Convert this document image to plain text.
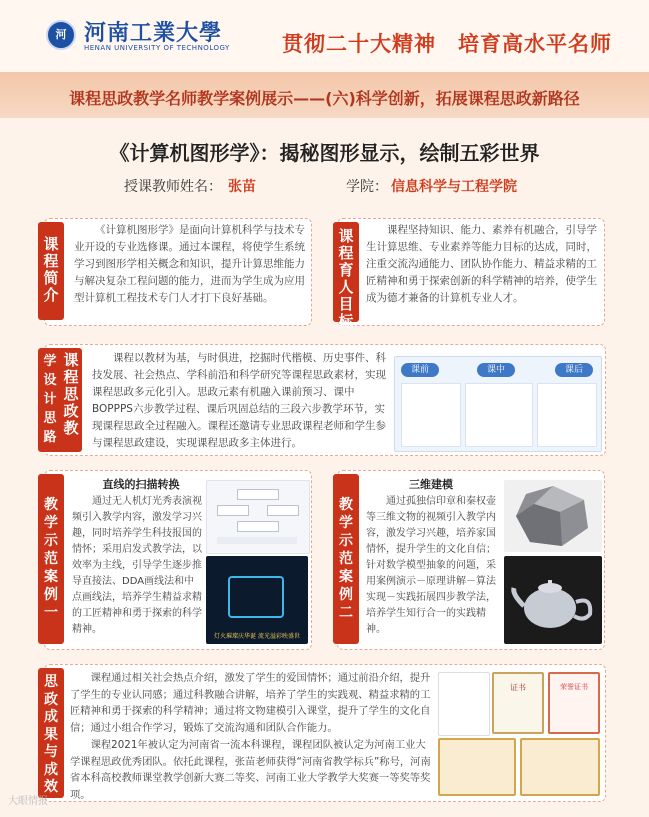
河 河南工業大學
HENAN UNIVERSITY OF TECHNOLOGY 贯彻二十大精神　培育高水平名师
课程思政教学名师教学案例展示——(六)科学创新，拓展课程思政新路径
《计算机图形学》：揭秘图形显示，绘制五彩世界
授课教师姓名： 张苗	学院： 信息科学与工程学院
课程
简介
《计算机图形学》是面向计算机科学与技术专业开设的专业选修课。通过本课程，将使学生系统学习到图形学相关概念和知识，提升计算思维能力与解决复杂工程问题的能力，进而为学生成为应用型计算机工程技术专门人才打下良好基础。
课程
育人
目标
课程坚持知识、能力、素养有机融合，引导学生计算思维、专业素养等能力目标的达成，同时，注重交流沟通能力、团队协作能力、精益求精的工匠精神和勇于探索创新的科学精神的培养，使学生成为德才兼备的计算机专业人才。
课程
思政
教
学
设
计
思
路
课程以教材为基，与时俱进，挖掘时代楷模、历史事件、科技发展、社会热点、学科前沿和科学研究等课程思政素材，实现课程思政多元化引入。思政元素有机融入课前预习、课中BOPPPS六步教学过程、课后巩固总结的三段六步教学环节，实现课程思政全过程融入。课程还邀请专业思政课程老师和学生参与课程思政建设，实现课程思政多主体进行。
课前	课中	课后
教
学
示
范
案
例
一
直线的扫描转换
通过无人机灯光秀表演视频引入教学内容，激发学习兴趣，同时培养学生科技报国的情怀；采用启发式教学法，以效率为主线，引导学生逐步推导直接法、DDA画线法和中点画线法，培养学生精益求精的工匠精神和勇于探索的科学精神。
灯火璀璨庆华诞 流光溢彩映盛世
教
学
示
范
案
例
二
三维建模
通过孤独信印章和秦权壶等三维文物的视频引入教学内容，激发学习兴趣，培养家国情怀，提升学生的文化自信；针对数学模型抽象的问题，采用案例演示－原理讲解－算法实现－实践拓展四步教学法，培养学生知行合一的实践精神。
思
政
成
果
与
成
效
课程通过相关社会热点介绍，激发了学生的爱国情怀；通过前沿介绍，提升了学生的专业认同感；通过科教融合讲解，培养了学生的实践观、精益求精的工匠精神和勇于探索的科学精神；通过将文物建模引入课堂，提升了学生的文化自信；通过小组合作学习，锻炼了交流沟通和团队合作能力。
课程2021年被认定为河南省一流本科课程，课程团队被认定为河南工业大学课程思政优秀团队。依托此课程，张苗老师获得“河南省教学标兵”称号，河南省本科高校教师课堂教学创新大赛二等奖、河南工业大学教学大奖赛一等奖等奖项。
证书	荣誉证书
大眼情报
